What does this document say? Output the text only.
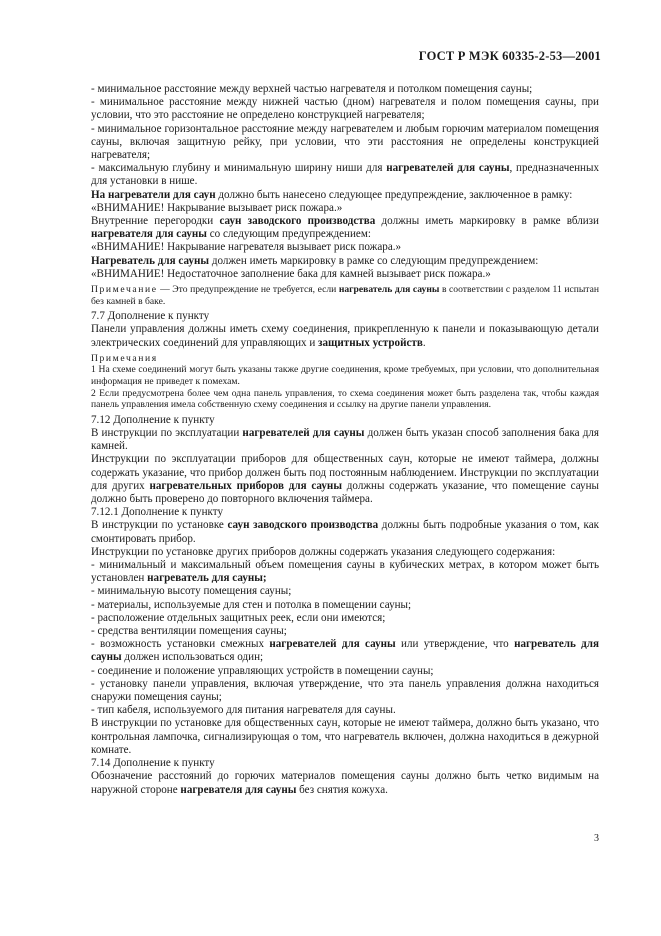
ГОСТ Р МЭК 60335-2-53—2001

- минимальное расстояние между верхней частью нагревателя и потолком помещения сауны;

- минимальное расстояние между нижней частью (дном) нагревателя и полом помещения сауны, при условии, что это расстояние не определено конструкцией нагревателя;

- минимальное горизонтальное расстояние между нагревателем и любым горючим материалом помещения сауны, включая защитную рейку, при условии, что эти расстояния не определены конструкцией нагревателя;

- максимальную глубину и минимальную ширину ниши для нагревателей для сауны, предназначенных для установки в нише.

На нагреватели для саун должно быть нанесено следующее предупреждение, заключенное в рамку:

«ВНИМАНИЕ! Накрывание вызывает риск пожара.»

Внутренние перегородки саун заводского производства должны иметь маркировку в рамке вблизи нагревателя для сауны со следующим предупреждением:

«ВНИМАНИЕ! Накрывание нагревателя вызывает риск пожара.»

Нагреватель для сауны должен иметь маркировку в рамке со следующим предупреждением:

«ВНИМАНИЕ! Недостаточное заполнение бака для камней вызывает риск пожара.»

Примечание — Это предупреждение не требуется, если нагреватель для сауны в соответствии с разделом 11 испытан без камней в баке.

7.7 Дополнение к пункту

Панели управления должны иметь схему соединения, прикрепленную к панели и показывающую детали электрических соединений для управляющих и защитных устройств.

Примечания
1 На схеме соединений могут быть указаны также другие соединения, кроме требуемых, при условии, что дополнительная информация не приведет к помехам.
2 Если предусмотрена более чем одна панель управления, то схема соединения может быть разделена так, чтобы каждая панель управления имела собственную схему соединения и ссылку на другие панели управления.

7.12 Дополнение к пункту

В инструкции по эксплуатации нагревателей для сауны должен быть указан способ заполнения бака для камней.

Инструкции по эксплуатации приборов для общественных саун, которые не имеют таймера, должны содержать указание, что прибор должен быть под постоянным наблюдением. Инструкции по эксплуатации для других нагревательных приборов для сауны должны содержать указание, что помещение сауны должно быть проверено до повторного включения таймера.

7.12.1 Дополнение к пункту

В инструкции по установке саун заводского производства должны быть подробные указания о том, как смонтировать прибор.

Инструкции по установке других приборов должны содержать указания следующего содержания:

- минимальный и максимальный объем помещения сауны в кубических метрах, в котором может быть установлен нагреватель для сауны;

- минимальную высоту помещения сауны;

- материалы, используемые для стен и потолка в помещении сауны;

- расположение отдельных защитных реек, если они имеются;

- средства вентиляции помещения сауны;

- возможность установки смежных нагревателей для сауны или утверждение, что нагреватель для сауны должен использоваться один;

- соединение и положение управляющих устройств в помещении сауны;

- установку панели управления, включая утверждение, что эта панель управления должна находиться снаружи помещения сауны;

- тип кабеля, используемого для питания нагревателя для сауны.

В инструкции по установке для общественных саун, которые не имеют таймера, должно быть указано, что контрольная лампочка, сигнализирующая о том, что нагреватель включен, должна находиться в дежурной комнате.

7.14 Дополнение к пункту

Обозначение расстояний до горючих материалов помещения сауны должно быть четко видимым на наружной стороне нагревателя для сауны без снятия кожуха.

3
